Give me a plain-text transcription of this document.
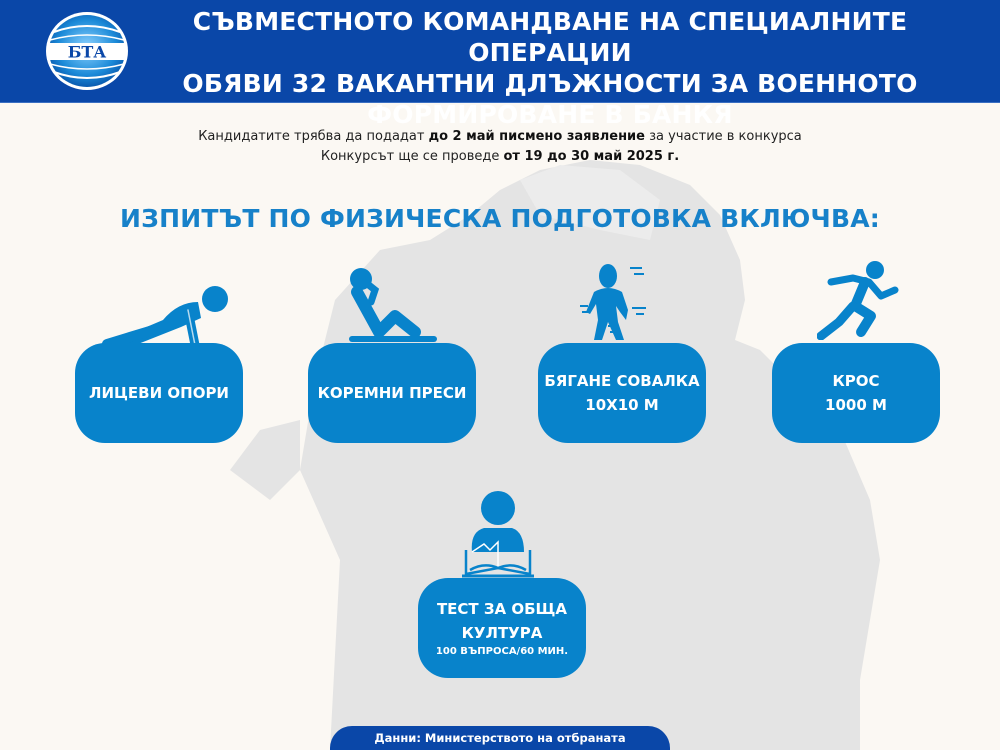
БТА
СЪВМЕСТНОТО КОМАНДВАНЕ НА СПЕЦИАЛНИТЕ ОПЕРАЦИИ
ОБЯВИ 32 ВАКАНТНИ ДЛЪЖНОСТИ ЗА ВОЕННОТО
ФОРМИРОВАНЕ В БАНКЯ
Кандидатите трябва да подадат до 2 май писмено заявление за участие в конкурса
Конкурсът ще се проведе от 19 до 30 май 2025 г.
ИЗПИТЪТ ПО ФИЗИЧЕСКА ПОДГОТОВКА ВКЛЮЧВА:
ЛИЦЕВИ ОПОРИ	КОРЕМНИ ПРЕСИ
БЯГАНЕ СОВАЛКА
10Х10 М
КРОС
1000 М
ТЕСТ ЗА ОБЩА
КУЛТУРА
100 ВЪПРОСА/60 МИН.
Данни: Министерството на отбраната
